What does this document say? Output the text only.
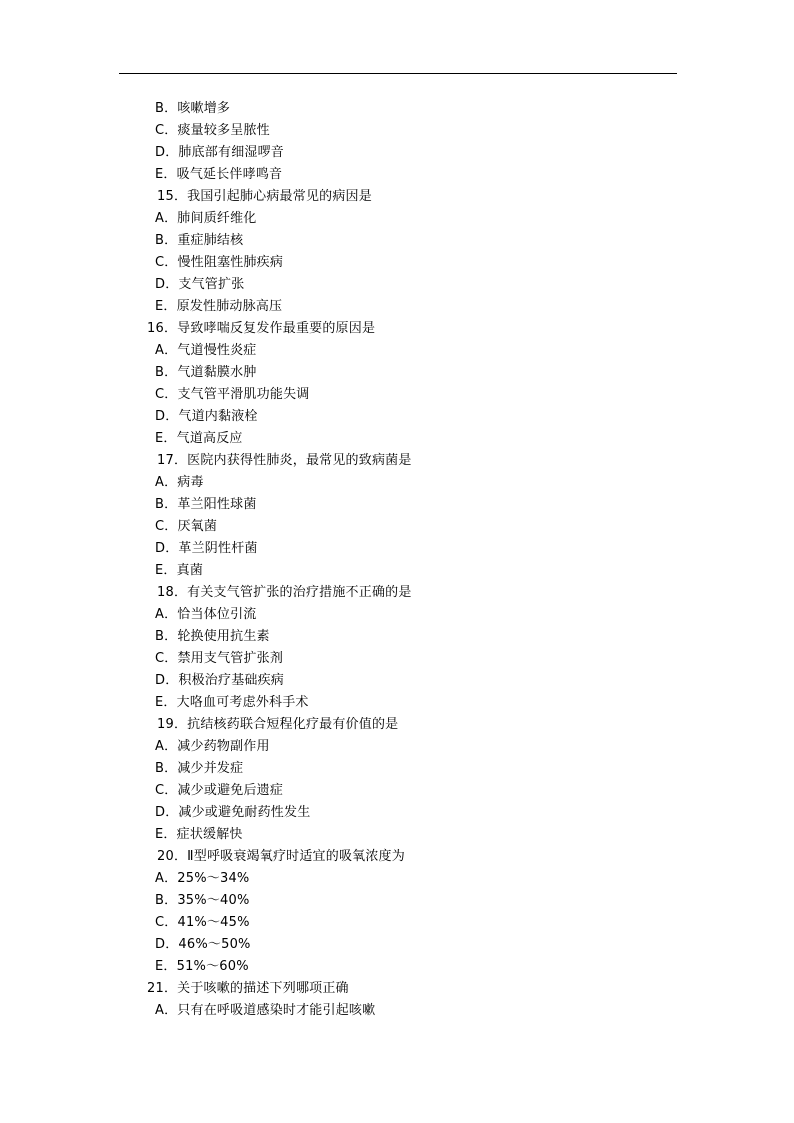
B．咳嗽增多
C．痰量较多呈脓性
D．肺底部有细湿啰音
E．吸气延长伴哮鸣音
15．我国引起肺心病最常见的病因是
A．肺间质纤维化
B．重症肺结核
C．慢性阻塞性肺疾病
D．支气管扩张
E．原发性肺动脉高压
16．导致哮喘反复发作最重要的原因是
A．气道慢性炎症
B．气道黏膜水肿
C．支气管平滑肌功能失调
D．气道内黏液栓
E．气道高反应
17．医院内获得性肺炎，最常见的致病菌是
A．病毒
B．革兰阳性球菌
C．厌氧菌
D．革兰阴性杆菌
E．真菌
18．有关支气管扩张的治疗措施不正确的是
A．恰当体位引流
B．轮换使用抗生素
C．禁用支气管扩张剂
D．积极治疗基础疾病
E．大咯血可考虑外科手术
19．抗结核药联合短程化疗最有价值的是
A．减少药物副作用
B．减少并发症
C．减少或避免后遗症
D．减少或避免耐药性发生
E．症状缓解快
20．Ⅱ型呼吸衰竭氧疗时适宜的吸氧浓度为
A．25%～34%
B．35%～40%
C．41%～45%
D．46%～50%
E．51%～60%
21．关于咳嗽的描述下列哪项正确
A．只有在呼吸道感染时才能引起咳嗽
